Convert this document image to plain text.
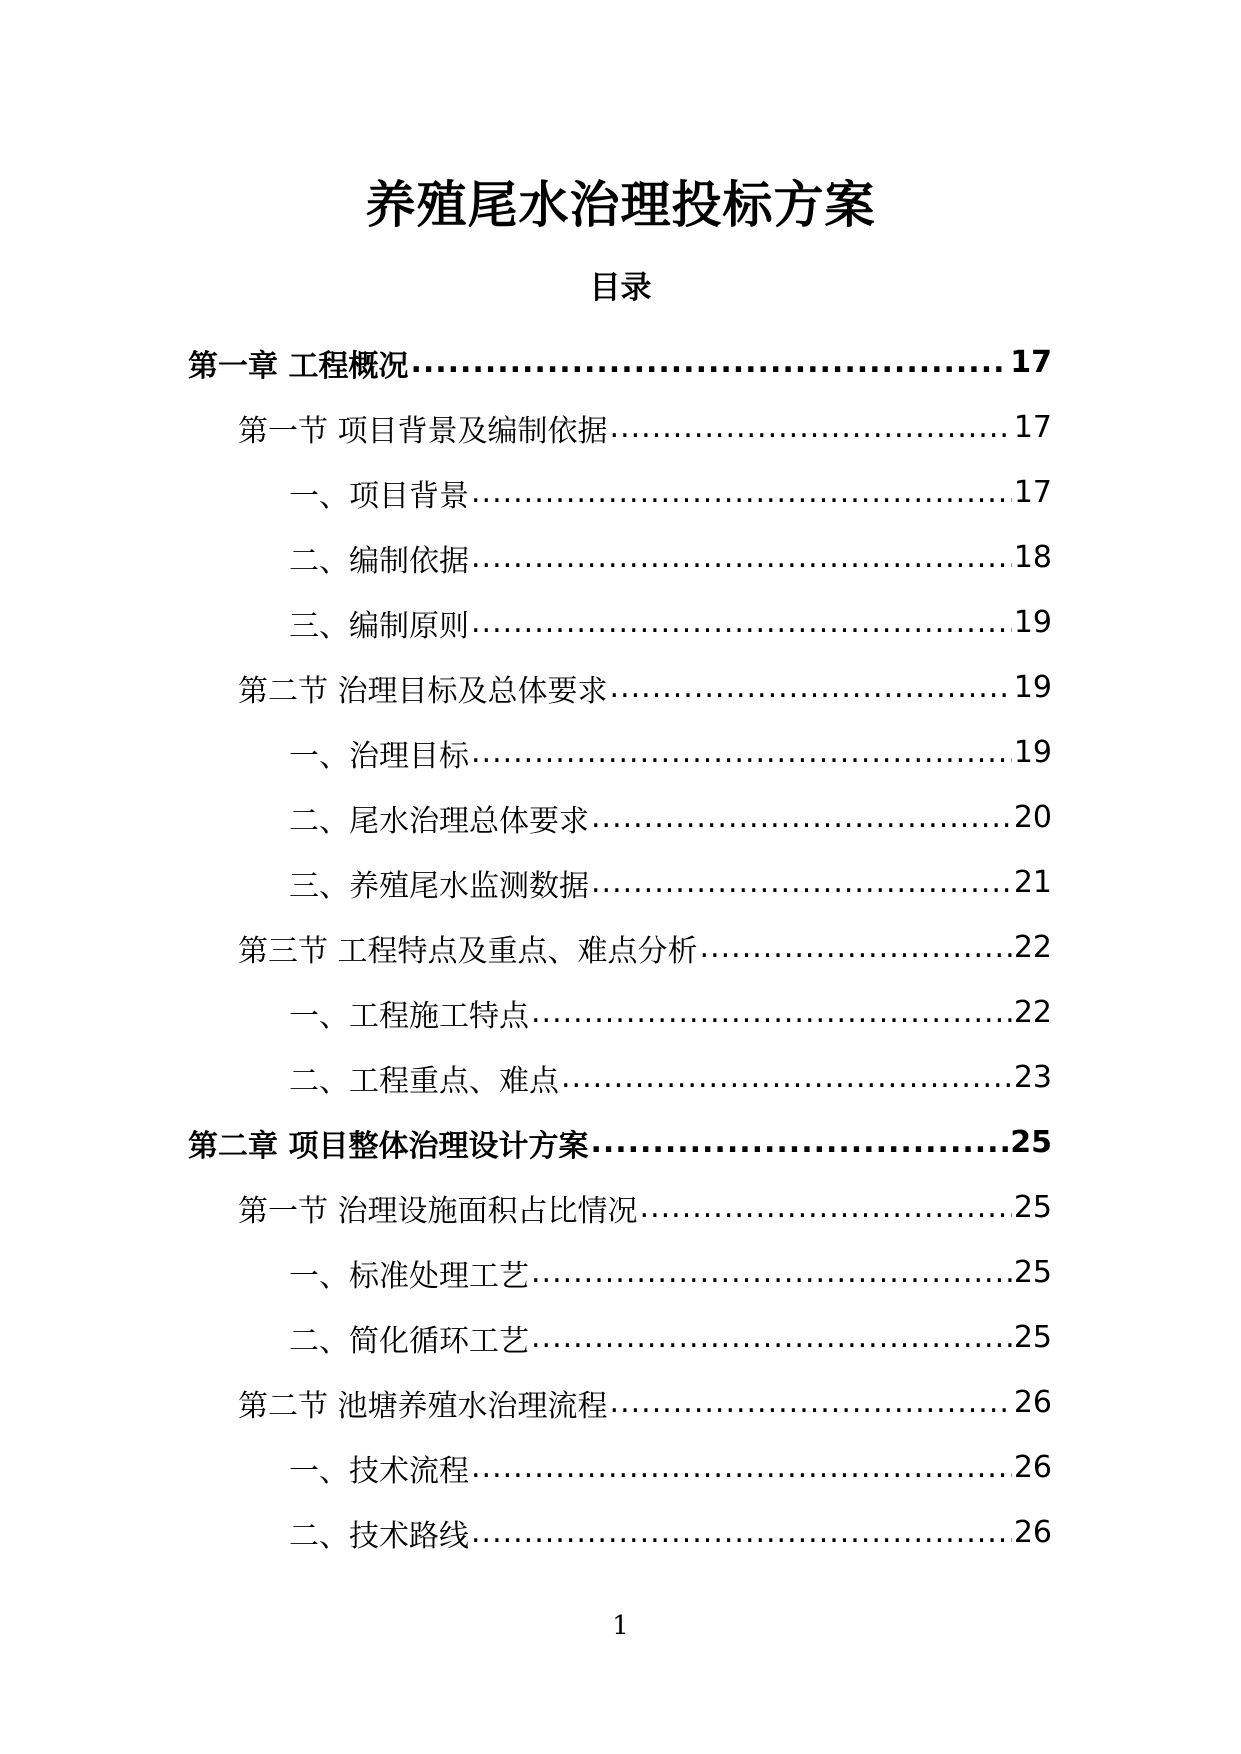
养殖尾水治理投标方案
目录
第一章 工程概况 .....	17
第一节 项目背景及编制依据 .....	17
一、项目背景 .....	17
二、编制依据 .....	18
三、编制原则 .....	19
第二节 治理目标及总体要求 .....	19
一、治理目标 .....	19
二、尾水治理总体要求 .....	20
三、养殖尾水监测数据 .....	21
第三节 工程特点及重点、难点分析 .....	22
一、工程施工特点 .....	22
二、工程重点、难点 .....	23
第二章 项目整体治理设计方案 .....	25
第一节 治理设施面积占比情况 .....	25
一、标准处理工艺 .....	25
二、简化循环工艺 .....	25
第二节 池塘养殖水治理流程 .....	26
一、技术流程 .....	26
二、技术路线 .....	26
1
